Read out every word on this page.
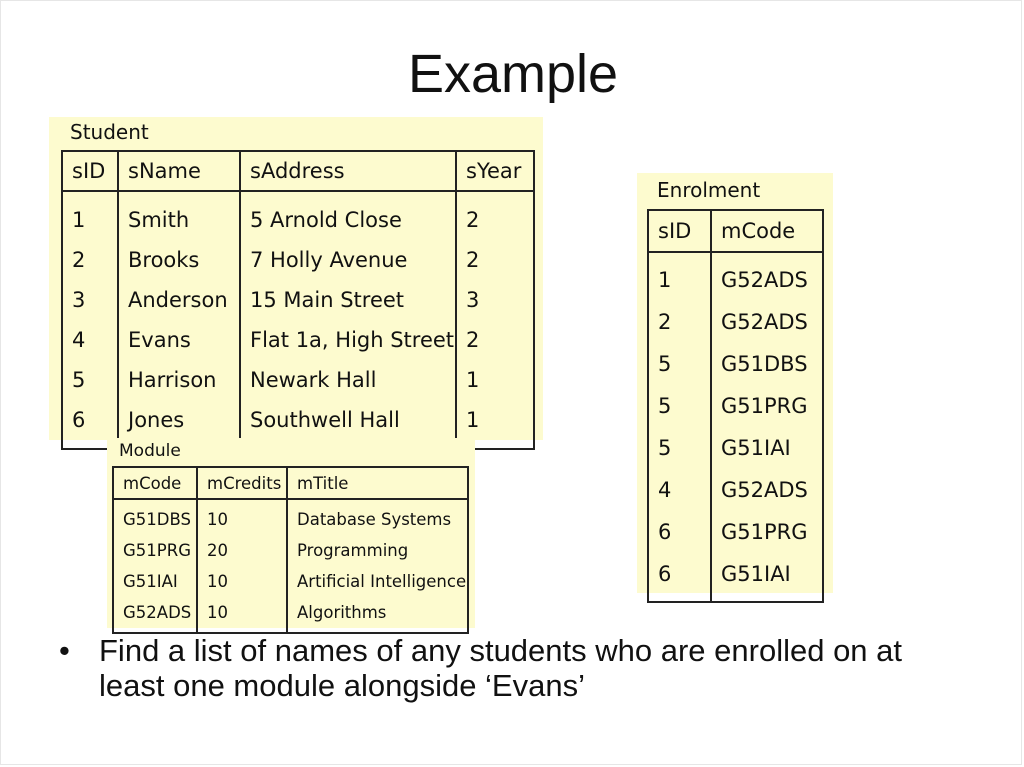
Example
Student
sID	sName	sAddress	sYear
1	Smith	5 Arnold Close	2
2	Brooks	7 Holly Avenue	2
3	Anderson	15 Main Street	3
4	Evans	Flat 1a, High Street	2
5	Harrison	Newark Hall	1
6	Jones	Southwell Hall	1
Enrolment
sID	mCode
1	G52ADS
2	G52ADS
5	G51DBS
5	G51PRG
5	G51IAI
4	G52ADS
6	G51PRG
6	G51IAI
Module
mCode	mCredits	mTitle
G51DBS	10	Database Systems
G51PRG	20	Programming
G51IAI	10	Artificial Intelligence
G52ADS	10	Algorithms
• Find a list of names of any students who are enrolled on at least one module alongside ‘Evans’
